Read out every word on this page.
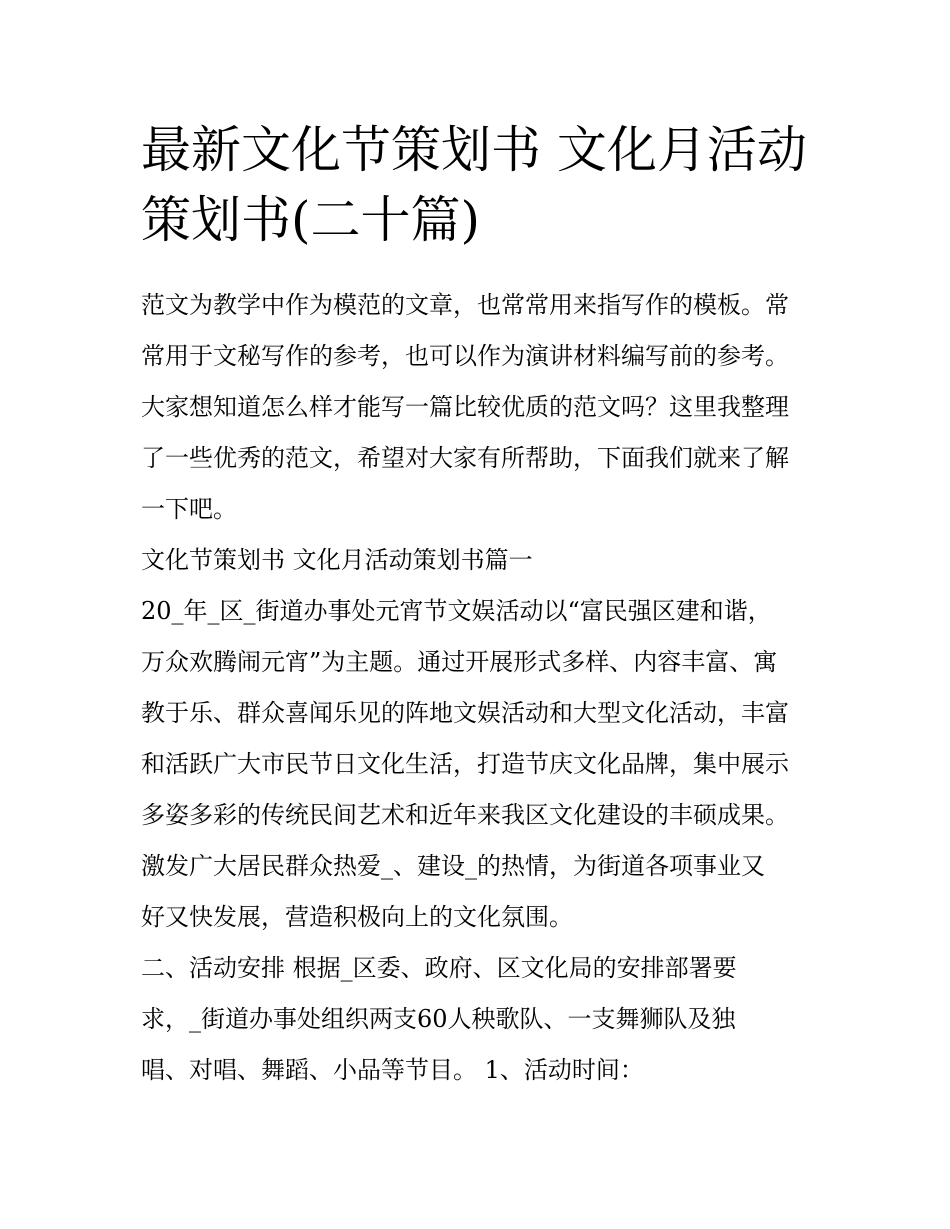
最新文化节策划书 文化月活动
策划书(二十篇)
范文为教学中作为模范的文章，也常常用来指写作的模板。常
常用于文秘写作的参考，也可以作为演讲材料编写前的参考。
大家想知道怎么样才能写一篇比较优质的范文吗？这里我整理
了一些优秀的范文，希望对大家有所帮助，下面我们就来了解
一下吧。
文化节策划书 文化月活动策划书篇一
20_年_区_街道办事处元宵节文娱活动以“富民强区建和谐，
万众欢腾闹元宵”为主题。通过开展形式多样、内容丰富、寓
教于乐、群众喜闻乐见的阵地文娱活动和大型文化活动，丰富
和活跃广大市民节日文化生活，打造节庆文化品牌，集中展示
多姿多彩的传统民间艺术和近年来我区文化建设的丰硕成果。
激发广大居民群众热爱_、建设_的热情，为街道各项事业又
好又快发展，营造积极向上的文化氛围。
二、活动安排 根据_区委、政府、区文化局的安排部署要
求，_街道办事处组织两支60人秧歌队、一支舞狮队及独
唱、对唱、舞蹈、小品等节目。 1、活动时间：
